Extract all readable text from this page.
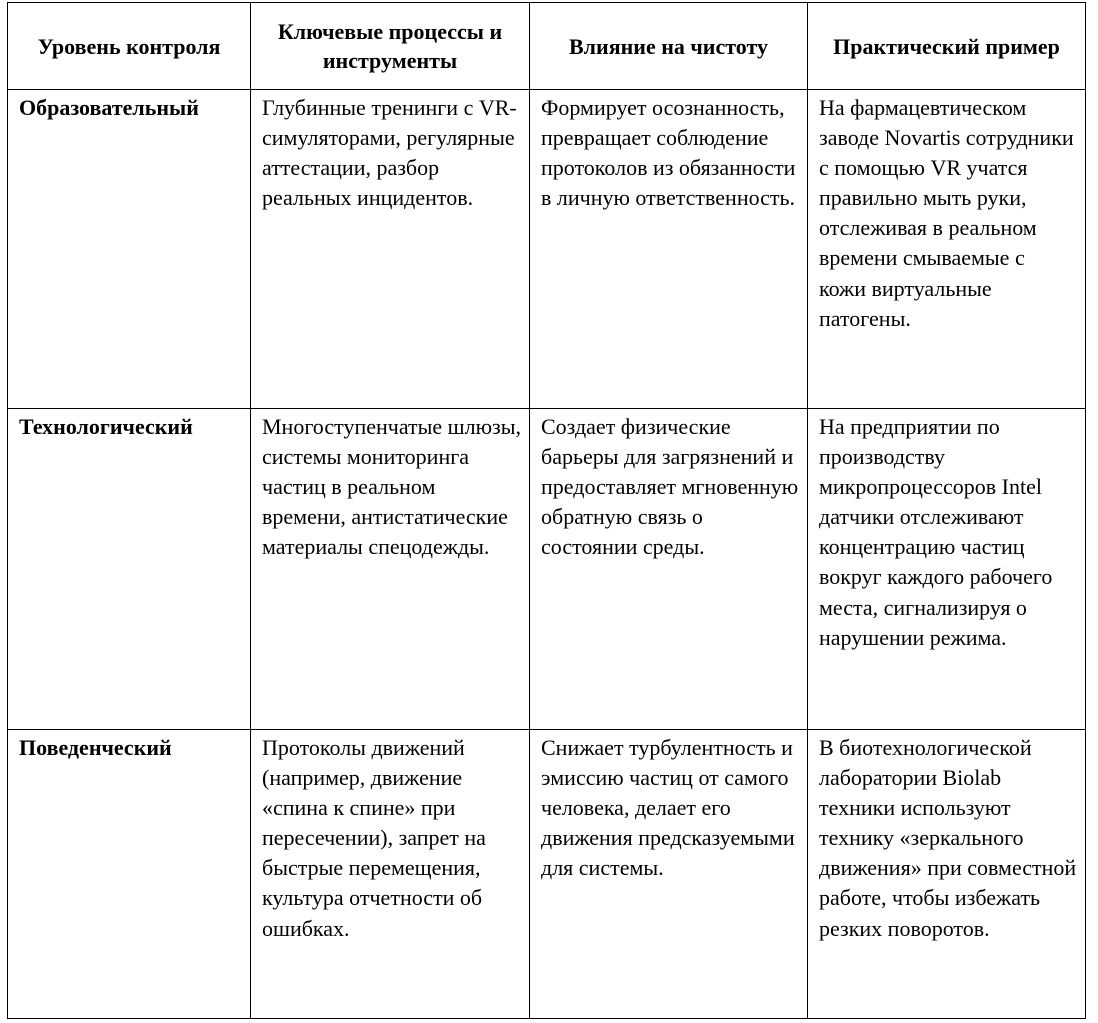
Уровень контроля	Ключевые процессы и инструменты	Влияние на чистоту	Практический пример
Образовательный	Глубинные тренинги с VR-симуляторами, регулярные аттестации, разбор реальных инцидентов.	Формирует осознанность, превращает соблюдение протоколов из обязанности в личную ответственность.	На фармацевтическом заводе Novartis сотрудники с помощью VR учатся правильно мыть руки, отслеживая в реальном времени смываемые с кожи виртуальные патогены.
Технологический	Многоступенчатые шлюзы, системы мониторинга частиц в реальном времени, антистатические материалы спецодежды.	Создает физические барьеры для загрязнений и предоставляет мгновенную обратную связь о состоянии среды.	На предприятии по производству микропроцессоров Intel датчики отслеживают концентрацию частиц вокруг каждого рабочего места, сигнализируя о нарушении режима.
Поведенческий	Протоколы движений (например, движение «спина к спине» при пересечении), запрет на быстрые перемещения, культура отчетности об ошибках.	Снижает турбулентность и эмиссию частиц от самого человека, делает его движения предсказуемыми для системы.	В биотехнологической лаборатории Biolab техники используют технику «зеркального движения» при совместной работе, чтобы избежать резких поворотов.
